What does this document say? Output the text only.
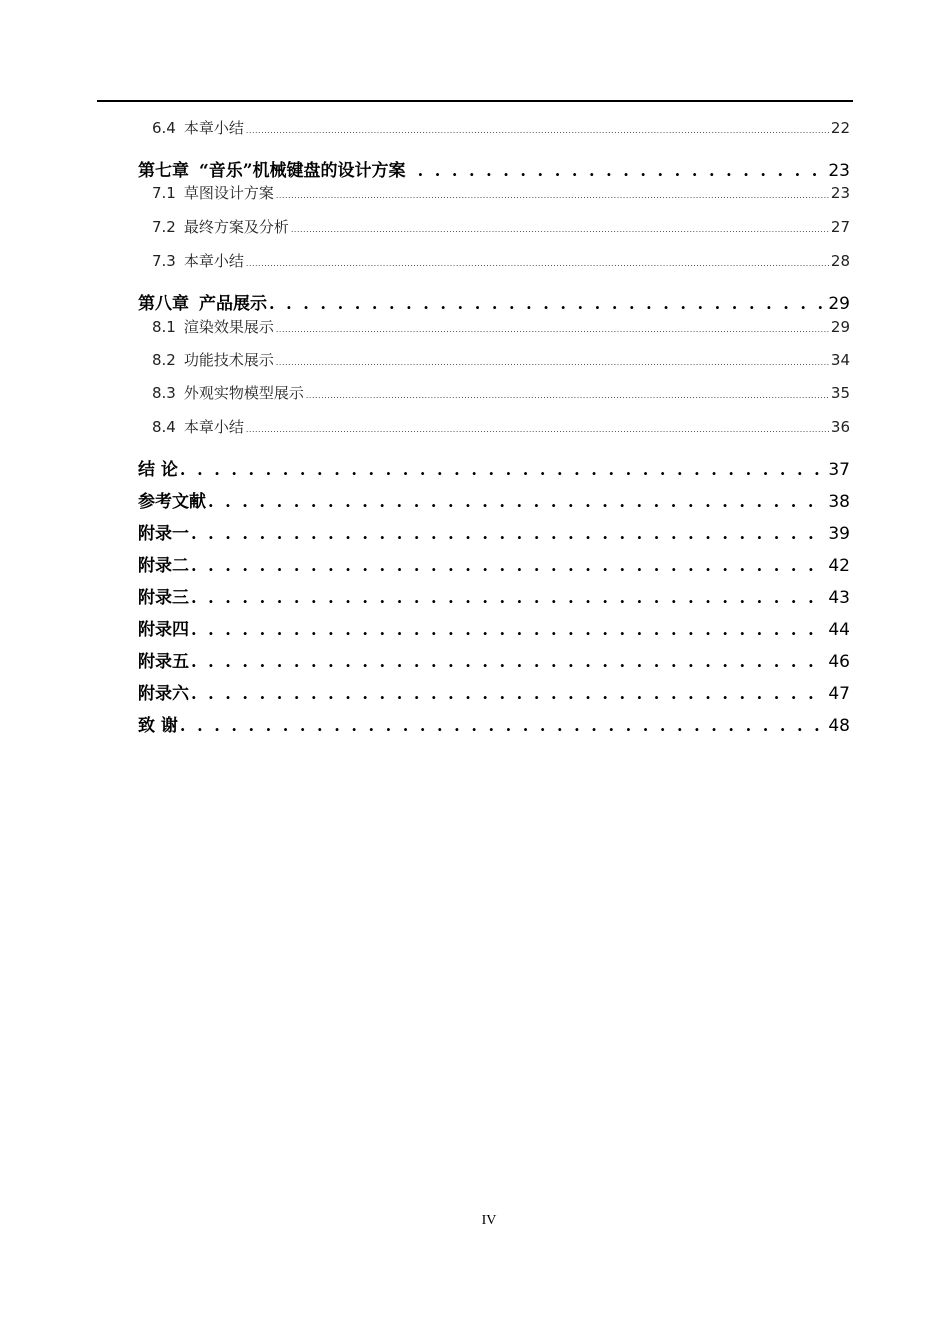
6.4 本章小结 .....	22
第七章 “音乐”机械键盘的设计方案 . . .	23
7.1 草图设计方案 .....	23
7.2 最终方案及分析 .....	27
7.3 本章小结 .....	28
第八章 产品展示 . . .	29
8.1 渲染效果展示 .....	29
8.2 功能技术展示 .....	34
8.3 外观实物模型展示 .....	35
8.4 本章小结 .....	36
结 论 . . .	37
参考文献 . . .	38
附录一 . . .	39
附录二 . . .	42
附录三 . . .	43
附录四 . . .	44
附录五 . . .	46
附录六 . . .	47
致 谢 . . .	48
IV
